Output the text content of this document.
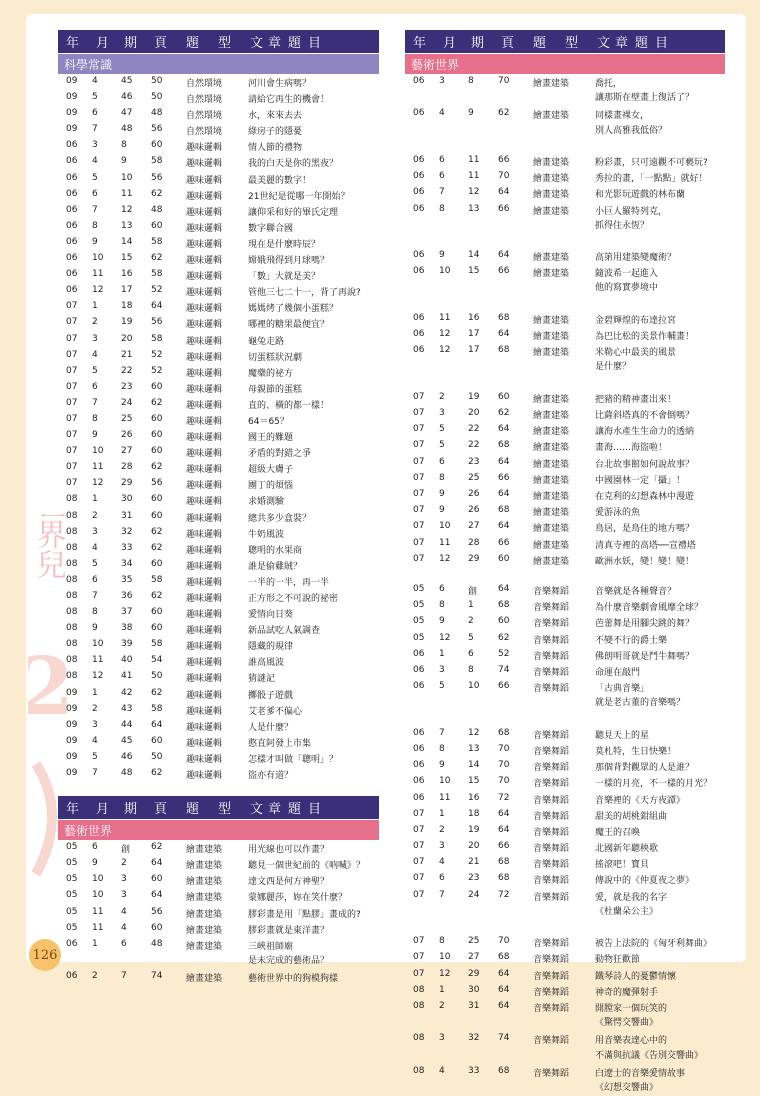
世界兒
2
126
年 月 期 頁 題 型 文 章 題 目
科學常識
09 4	45 50	自然環境	河川會生病嗎？
09 5	46 50	自然環境	請給它再生的機會！
09 6	47 48	自然環境	水，來來去去
09 7	48 56	自然環境	綠房子的隱憂
06 3	8	60	趣味邏輯	情人節的禮物
06 4	9	58	趣味邏輯	我的白天是你的黑夜？
06 5	10 56	趣味邏輯	最美麗的數字！
06 6	11 62	趣味邏輯	21世紀是從哪一年開始？
06 7	12 48	趣味邏輯	讓仰采和好的畢氏定理
06 8	13 60	趣味邏輯	數字聯合國
06 9	14 58	趣味邏輯	現在是什麼時辰？
06 10 15 62	趣味邏輯	嫦娥飛得到月球嗎？
06 11 16 58	趣味邏輯	「數」大就是美？
06 12 17 52	趣味邏輯	管他三七二十一，背了再說?
07 1	18 64	趣味邏輯	媽媽烤了幾個小蛋糕？
07 2	19 56	趣味邏輯	哪裡的糖果最便宜？
07 3	20 58	趣味邏輯	龜兔走路
07 4	21 52	趣味邏輯	切蛋糕狀況劇
07 5	22 52	趣味邏輯	魔藥的祕方
07 6	23 60	趣味邏輯	母親節的蛋糕
07 7	24 62	趣味邏輯	直的、橫的都一樣！
07 8	25 60	趣味邏輯	64＝65？
07 9	26 60	趣味邏輯	國王的難題
07 10 27 60	趣味邏輯	矛盾的對錯之爭
07 11 28 62	趣味邏輯	超級大膚子
07 12 29 56	趣味邏輯	團丁的煩惱
08 1	30 60	趣味邏輯	求婚測驗
08 2	31 60	趣味邏輯	總共多少盒裝？
08 3	32 62	趣味邏輯	牛奶風波
08 4	33 62	趣味邏輯	聰明的水果商
08 5	34 60	趣味邏輯	誰是偷雞賊？
08 6	35 58	趣味邏輯	一半的一半，再一半
08 7	36 62	趣味邏輯	正方形之不可說的祕密
08 8	37 60	趣味邏輯	愛情向日葵
08 9	38 60	趣味邏輯	新品試吃人氣調查
08 10 39 58	趣味邏輯	隱藏的規律
08 11 40 54	趣味邏輯	誰高風波
08 12 41 50	趣味邏輯	猜謎記
09 1	42 62	趣味邏輯	擲骰子遊戲
09 2	43 58	趣味邏輯	艾老爹不偏心
09 3	44 64	趣味邏輯	人是什麼？
09 4	45 60	趣味邏輯	憨直阿發上市集
09 5	46 50	趣味邏輯	怎樣才叫做「聰明」？
09 7	48 62	趣味邏輯	盜亦有道？
年 月 期 頁 題 型 文 章 題 目
藝術世界
05 6	創 62	繪畫建築	用光線也可以作畫？
05 9	2	64	繪畫建築	聽見一個世紀前的《吶喊》？
05 10 3	60	繪畫建築	達文西是何方神聖？
05 10 3	64	繪畫建築	蒙娜麗莎，妳在笑什麼？
05 11 4	56	繪畫建築	膠彩畫是用「點膠」畫成的?
05 11 4	60	繪畫建築	膠彩畫就是東洋畫？
06 1	6	48	繪畫建築	三峽祖師廟
是未完成的藝術品？
06 2	7	74	繪畫建築	藝術世界中的狗模狗樣
年 月 期 頁 題 型 文 章 題 目
藝術世界
06 3	8	70	繪畫建築	喬托，
讓那斯在壁畫上復活了？
06 4	9	62	繪畫建築	同樣畫裸女，
別人高雅我低俗？
06 6	11 66	繪畫建築	粉彩畫，只可遠觀不可褻玩?
06 6	11 70	繪畫建築	秀拉的畫，「一點點」就好！
06 7	12 64	繪畫建築	和光影玩遊戲的林布蘭
06 8	13 66	繪畫建築	小巨人羅特列克，
抓得住永恆？
06 9	14 64	繪畫建築	高第用建築變魔術？
06 10 15 66	繪畫建築	隨波希一起進入
他的寫實夢境中
06 11 16 68	繪畫建築	金碧輝煌的布達拉宮
06 12 17 64	繪畫建築	為巴比松的美景作輔畫！
06 12 17 68	繪畫建築	米勒心中最美的風景
是什麼？
07 2	19 60	繪畫建築	把豬的精神畫出來！
07 3	20 62	繪畫建築	比薩斜塔真的不會倒嗎？
07 5	22 64	繪畫建築	讓海水產生生命力的透納
07 5	22 68	繪畫建築	畫海……海盜啦！
07 6	23 64	繪畫建築	台北故事館如何說故事？
07 8	25 66	繪畫建築	中國園林一定「攝」！
07 9	26 64	繪畫建築	在克利的幻想森林中漫遊
07 9	26 68	繪畫建築	愛游泳的魚
07 10 27 64	繪畫建築	鳥居，是鳥住的地方嗎？
07 11 28 66	繪畫建築	清真寺裡的高塔──宣禮塔
07 12 29 60	繪畫建築	歐洲水妖，變！變！變！
05 6	創 64	音樂舞蹈	音樂就是各種聲音？
05 8	1	68	音樂舞蹈	為什麼音樂劇會風靡全球？
05 9	2	60	音樂舞蹈	芭蕾舞是用腳尖跳的舞？
05 12 5	62	音樂舞蹈	不變不行的爵士樂
06 1	6	52	音樂舞蹈	佛朗明哥就是鬥牛舞嗎？
06 3	8	74	音樂舞蹈	命運在敲門
06 5	10 66	音樂舞蹈	「古典音樂」
就是老古董的音樂嗎？
06 7	12 68	音樂舞蹈	聽見天上的星
06 8	13 70	音樂舞蹈	莫札特，生日快樂！
06 9	14 70	音樂舞蹈	那個背對觀眾的人是誰？
06 10 15 70	音樂舞蹈	一樣的月亮，不一樣的月光？
06 11 16 72	音樂舞蹈	音樂裡的《天方夜譚》
07 1	18 64	音樂舞蹈	甜美的胡桃鉗組曲
07 2	19 64	音樂舞蹈	魔王的召喚
07 3	20 66	音樂舞蹈	北國新年聽秧歌
07 4	21 68	音樂舞蹈	搖滾吧！寶貝
07 6	23 68	音樂舞蹈	傳說中的《仲夏夜之夢》
07 7	24 72	音樂舞蹈	愛，就是我的名字
《杜蘭朵公主》
07 8	25 70	音樂舞蹈	被告上法院的《匈牙利舞曲》
07 10 27 68	音樂舞蹈	動物狂歡節
07 12 29 64	音樂舞蹈	鐵琴詩人的憂鬱情懷
08 1	30 64	音樂舞蹈	神奇的魔彈射手
08 2	31 64	音樂舞蹈	開膛家一個玩笑的
《驚愕交響曲》
08 3	32 74	音樂舞蹈	用音樂表達心中的
不滿與抗議《告別交響曲》
08 4	33 68	音樂舞蹈	白遼士的音樂愛情故事
《幻想交響曲》
